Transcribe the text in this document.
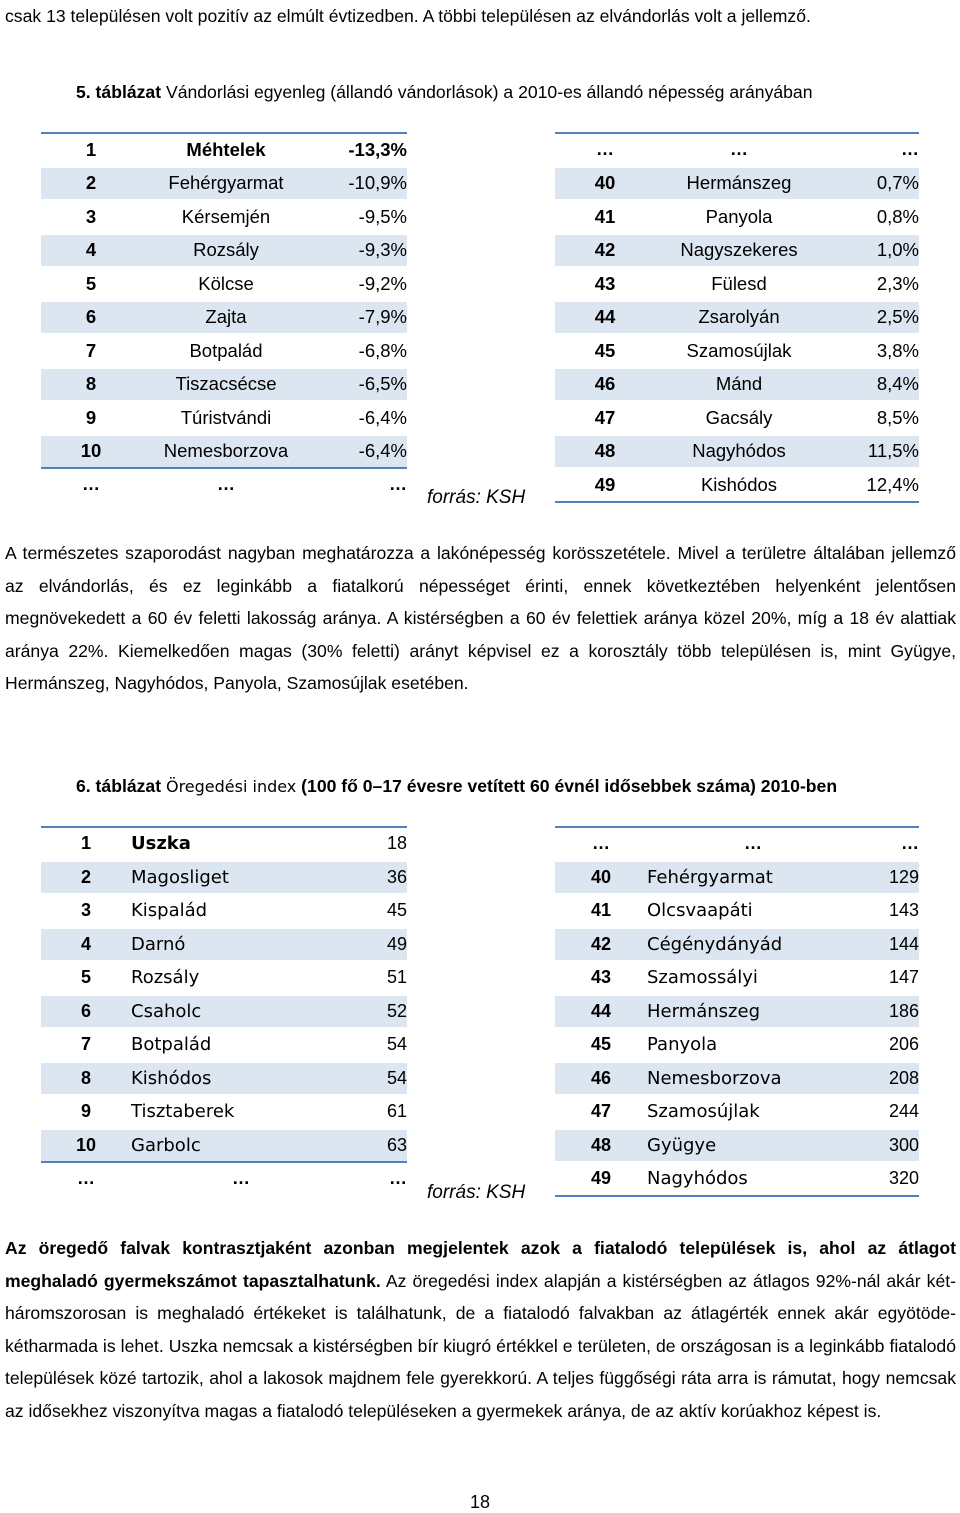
csak 13 településen volt pozitív az elmúlt évtizedben. A többi településen az elvándorlás volt a jellemző.

5. táblázat Vándorlási egyenleg (állandó vándorlások) a 2010-es állandó népesség arányában
1	Méhtelek	-13,3%
2	Fehérgyarmat	-10,9%
3	Kérsemjén	-9,5%
4	Rozsály	-9,3%
5	Kölcse	-9,2%
6	Zajta	-7,9%
7	Botpalád	-6,8%
8	Tiszacsécse	-6,5%
9	Túristvándi	-6,4%
10	Nemesborzova	-6,4%
…	…	…
…	…	…
40	Hermánszeg	0,7%
41	Panyola	0,8%
42	Nagyszekeres	1,0%
43	Fülesd	2,3%
44	Zsarolyán	2,5%
45	Szamosújlak	3,8%
46	Mánd	8,4%
47	Gacsály	8,5%
48	Nagyhódos	11,5%
49	Kishódos	12,4%
forrás: KSH

A természetes szaporodást nagyban meghatározza a lakónépesség korösszetétele. Mivel a területre általában jellemző az elvándorlás, és ez leginkább a fiatalkorú népességet érinti, ennek következtében helyenként jelentősen megnövekedett a 60 év feletti lakosság aránya. A kistérségben a 60 év felettiek aránya közel 20%, míg a 18 év alattiak aránya 22%. Kiemelkedően magas (30% feletti) arányt képvisel ez a korosztály több településen is, mint Gyügye, Hermánszeg, Nagyhódos, Panyola, Szamosújlak esetében.

6. táblázat Öregedési index (100 fő 0–17 évesre vetített 60 évnél idősebbek száma) 2010-ben
1	Uszka	18
2	Magosliget	36
3	Kispalád	45
4	Darnó	49
5	Rozsály	51
6	Csaholc	52
7	Botpalád	54
8	Kishódos	54
9	Tisztaberek	61
10	Garbolc	63
…	…	…
…	…	…
40	Fehérgyarmat	129
41	Olcsvaapáti	143
42	Cégénydányád	144
43	Szamossályi	147
44	Hermánszeg	186
45	Panyola	206
46	Nemesborzova	208
47	Szamosújlak	244
48	Gyügye	300
49	Nagyhódos	320
forrás: KSH

Az öregedő falvak kontrasztjaként azonban megjelentek azok a fiatalodó települések is, ahol az átlagot meghaladó gyermekszámot tapasztalhatunk. Az öregedési index alapján a kistérségben az átlagos 92%-nál akár két-háromszorosan is meghaladó értékeket is találhatunk, de a fiatalodó falvakban az átlagérték ennek akár egyötöde-kétharmada is lehet. Uszka nemcsak a kistérségben bír kiugró értékkel e területen, de országosan is a leginkább fiatalodó települések közé tartozik, ahol a lakosok majdnem fele gyerekkorú. A teljes függőségi ráta arra is rámutat, hogy nemcsak az idősekhez viszonyítva magas a fiatalodó településeken a gyermekek aránya, de az aktív korúakhoz képest is.

18
